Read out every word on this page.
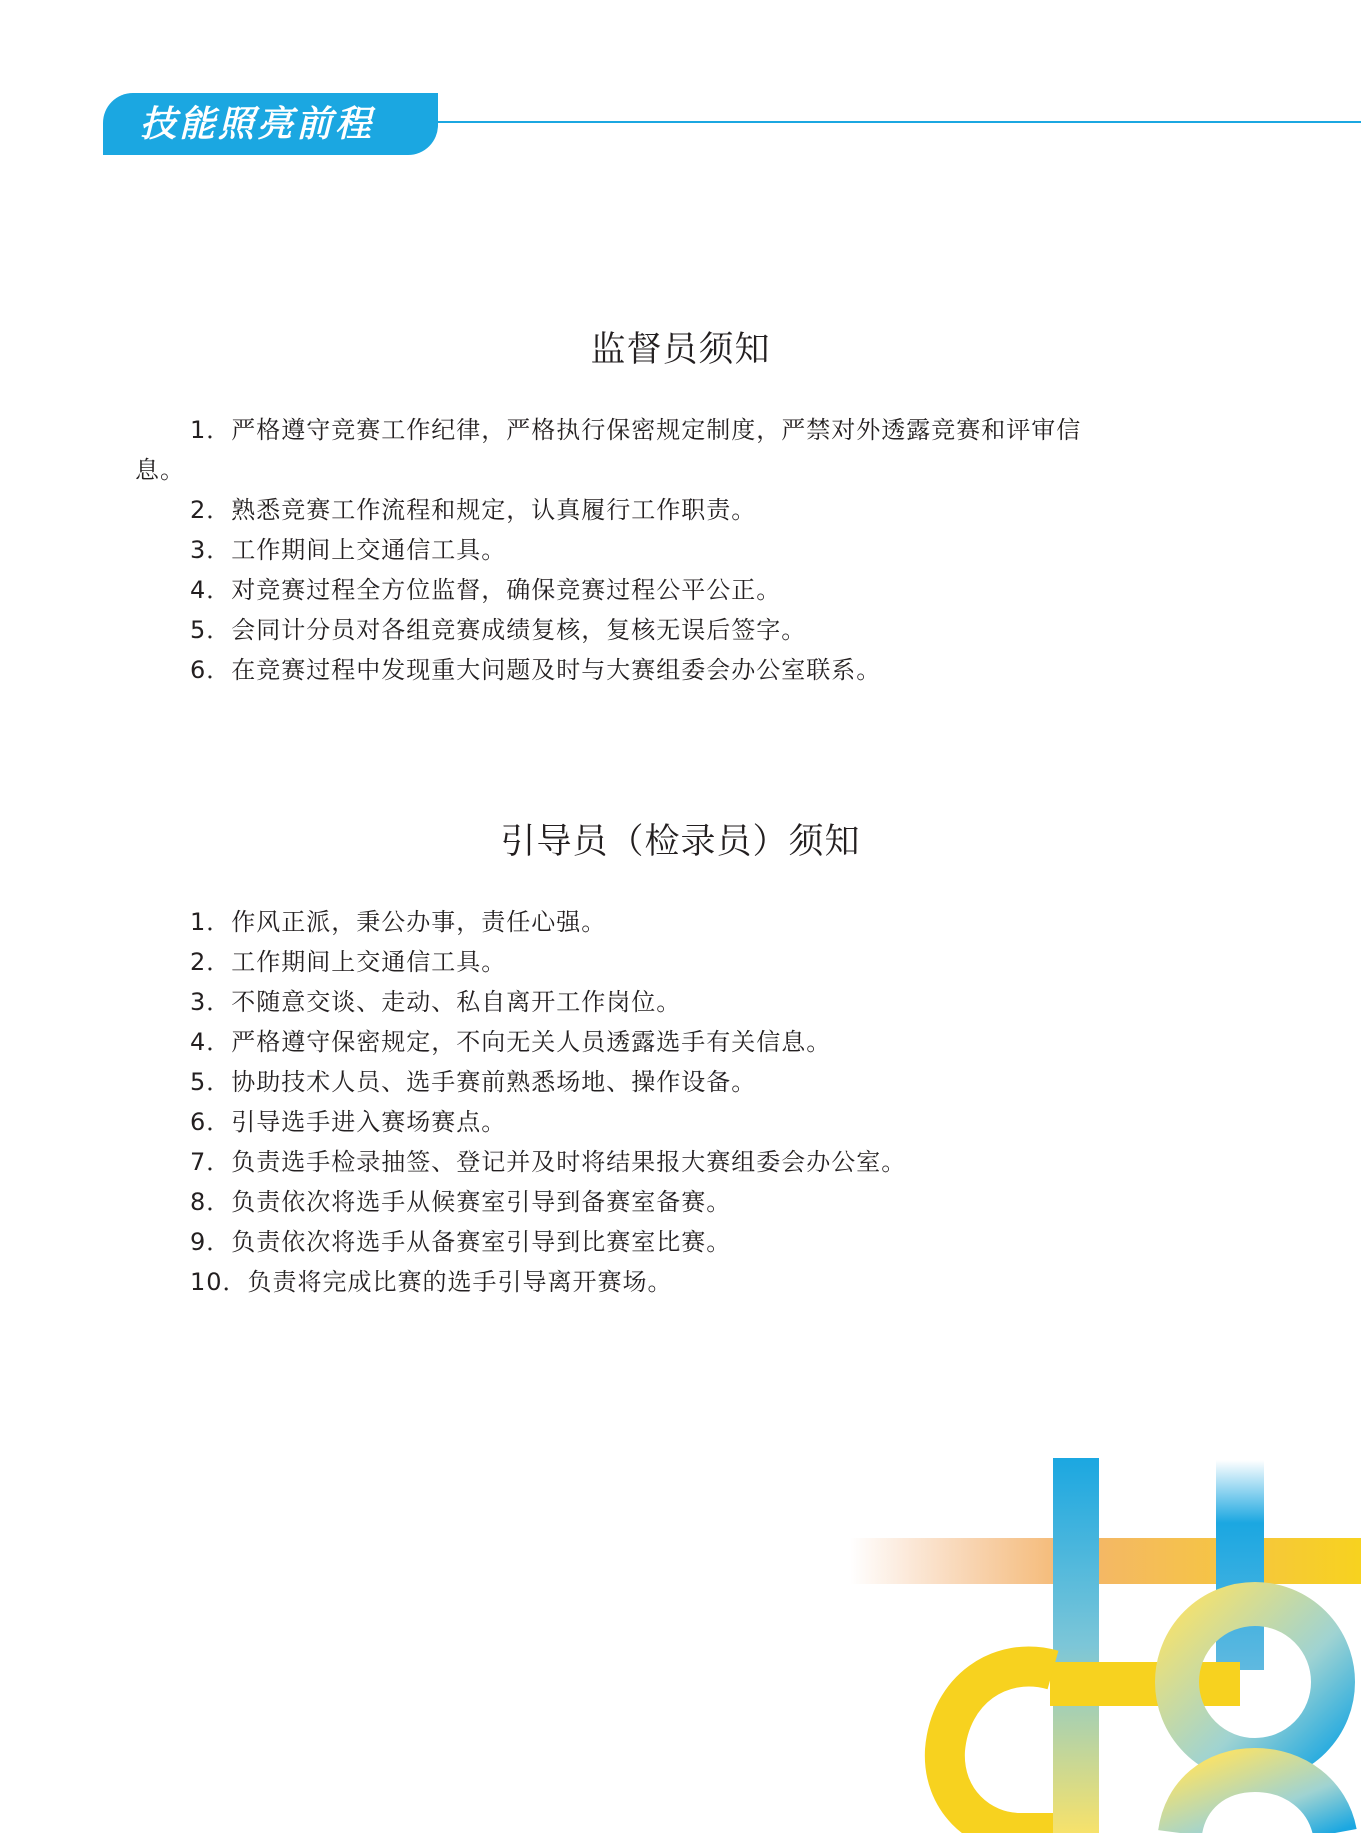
技能照亮前程
监督员须知
1．严格遵守竞赛工作纪律，严格执行保密规定制度，严禁对外透露竞赛和评审信
息。
2．熟悉竞赛工作流程和规定，认真履行工作职责。
3．工作期间上交通信工具。
4．对竞赛过程全方位监督，确保竞赛过程公平公正。
5．会同计分员对各组竞赛成绩复核，复核无误后签字。
6．在竞赛过程中发现重大问题及时与大赛组委会办公室联系。
引导员（检录员）须知
1．作风正派，秉公办事，责任心强。
2．工作期间上交通信工具。
3．不随意交谈、走动、私自离开工作岗位。
4．严格遵守保密规定，不向无关人员透露选手有关信息。
5．协助技术人员、选手赛前熟悉场地、操作设备。
6．引导选手进入赛场赛点。
7．负责选手检录抽签、登记并及时将结果报大赛组委会办公室。
8．负责依次将选手从候赛室引导到备赛室备赛。
9．负责依次将选手从备赛室引导到比赛室比赛。
10．负责将完成比赛的选手引导离开赛场。
